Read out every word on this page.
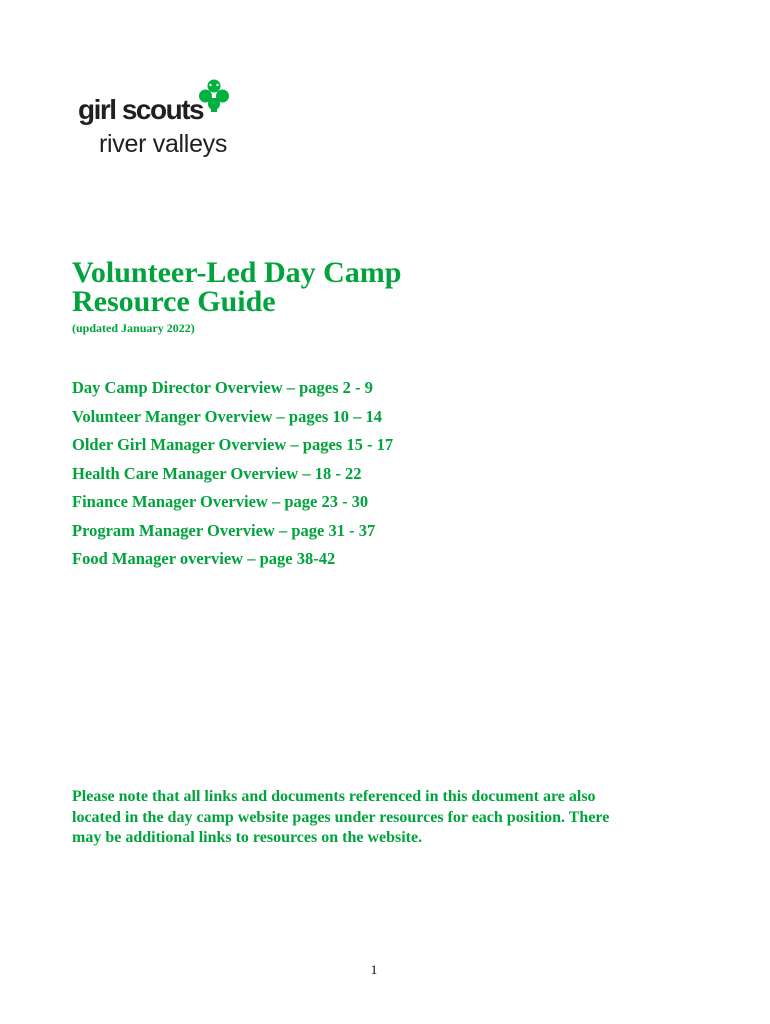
girl scouts
river valleys
Volunteer-Led Day Camp
Resource Guide
(updated January 2022)
Day Camp Director Overview – pages 2 - 9
Volunteer Manger Overview – pages 10 – 14
Older Girl Manager Overview – pages 15 - 17
Health Care Manager Overview – 18 - 22
Finance Manager Overview – page 23 - 30
Program Manager Overview – page 31 - 37
Food Manager overview – page 38-42

Please note that all links and documents referenced in this document are also located in the day camp website pages under resources for each position. There may be additional links to resources on the website.

1
